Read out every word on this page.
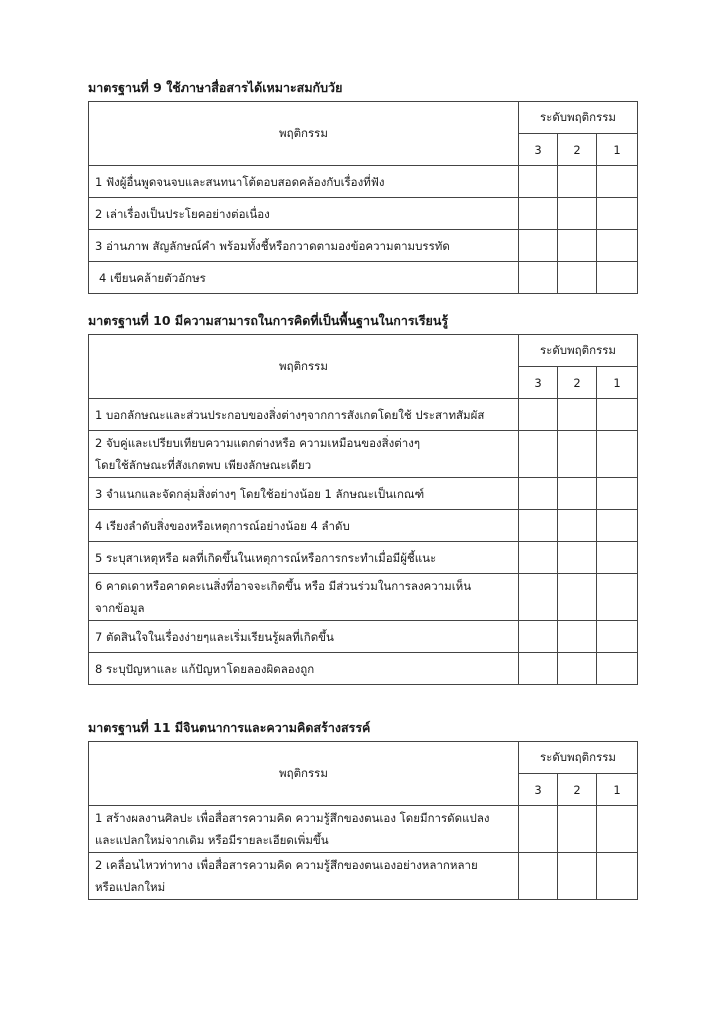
มาตรฐานที่ 9 ใช้ภาษาสื่อสารได้เหมาะสมกับวัย
พฤติกรรม	ระดับพฤติกรรม		
	3	2	1
1 ฟังผู้อื่นพูดจนจบและสนทนาโต้ตอบสอดคล้องกับเรื่องที่ฟัง			
2 เล่าเรื่องเป็นประโยคอย่างต่อเนื่อง			
3 อ่านภาพ สัญลักษณ์คำ พร้อมทั้งชี้หรือกวาดตามองข้อความตามบรรทัด			
4 เขียนคล้ายตัวอักษร			
มาตรฐานที่ 10 มีความสามารถในการคิดที่เป็นพื้นฐานในการเรียนรู้
พฤติกรรม	ระดับพฤติกรรม		
	3	2	1
1 บอกลักษณะและส่วนประกอบของสิ่งต่างๆจากการสังเกตโดยใช้ ประสาทสัมผัส			

2 จับคู่และเปรียบเทียบความแตกต่างหรือ ความเหมือนของสิ่งต่างๆ
โดยใช้ลักษณะที่สังเกตพบ เพียงลักษณะเดียว			

3 จำแนกและจัดกลุ่มสิ่งต่างๆ โดยใช้อย่างน้อย 1 ลักษณะเป็นเกณฑ์			
4 เรียงลำดับสิ่งของหรือเหตุการณ์อย่างน้อย 4 ลำดับ			
5 ระบุสาเหตุหรือ ผลที่เกิดขึ้นในเหตุการณ์หรือการกระทำเมื่อมีผู้ชี้แนะ			

6 คาดเดาหรือคาดคะเนสิ่งที่อาจจะเกิดขึ้น หรือ มีส่วนร่วมในการลงความเห็น
จากข้อมูล			

7 ตัดสินใจในเรื่องง่ายๆและเริ่มเรียนรู้ผลที่เกิดขึ้น			
8 ระบุปัญหาและ แก้ปัญหาโดยลองผิดลองถูก			
มาตรฐานที่ 11 มีจินตนาการและความคิดสร้างสรรค์
พฤติกรรม	ระดับพฤติกรรม		
	3	2	1

1 สร้างผลงานศิลปะ เพื่อสื่อสารความคิด ความรู้สึกของตนเอง โดยมีการดัดแปลง
และแปลกใหม่จากเดิม หรือมีรายละเอียดเพิ่มขึ้น			

2 เคลื่อนไหวท่าทาง เพื่อสื่อสารความคิด ความรู้สึกของตนเองอย่างหลากหลาย
หรือแปลกใหม่			
